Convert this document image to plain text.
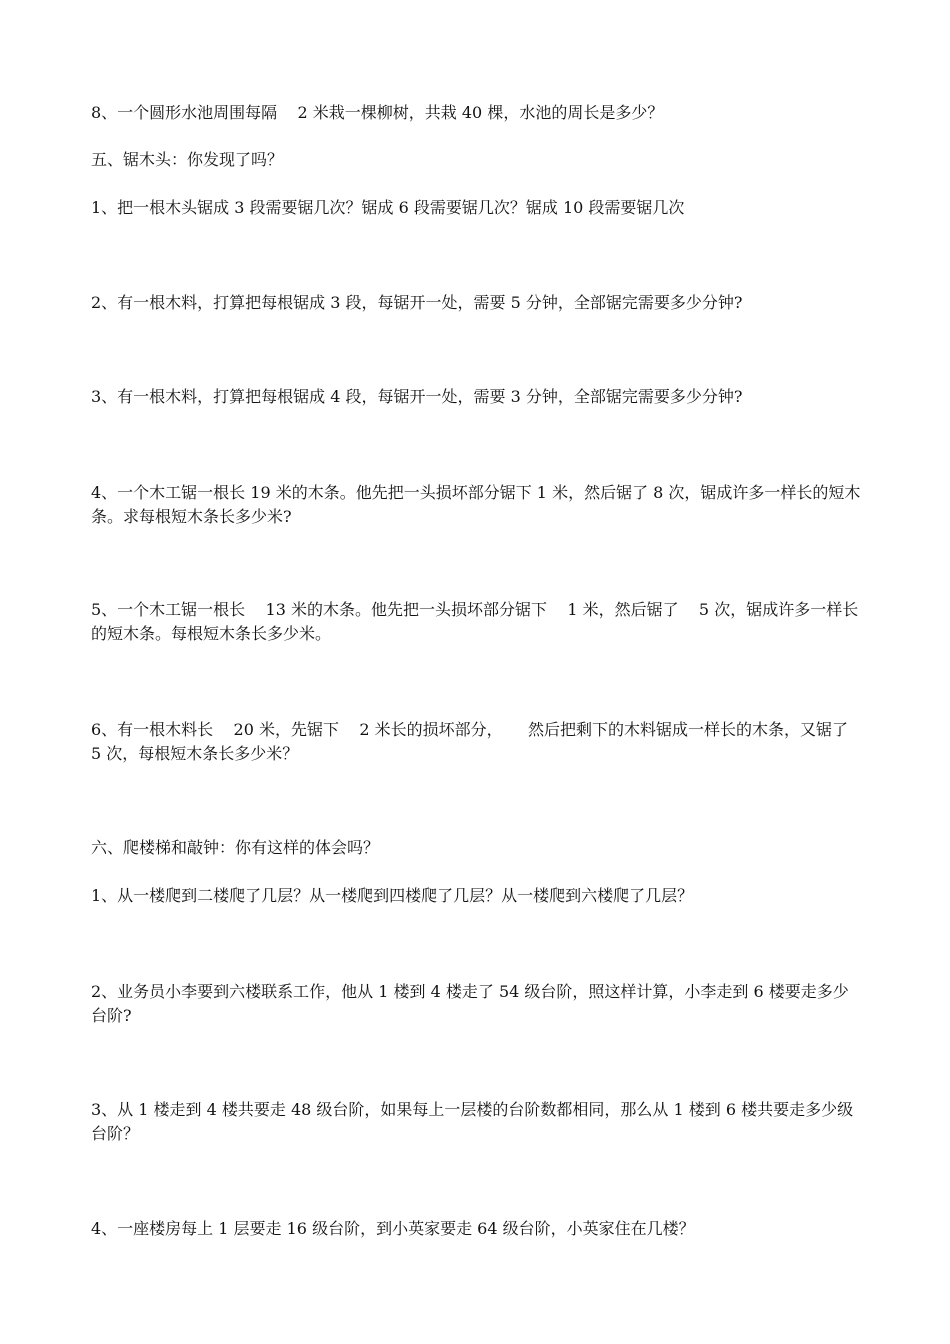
8、一个圆形水池周围每隔    2 米栽一棵柳树，共栽 40 棵，水池的周长是多少？
五、锯木头：你发现了吗？
1、把一根木头锯成 3 段需要锯几次？锯成 6 段需要锯几次？锯成 10 段需要锯几次
2、有一根木料，打算把每根锯成 3 段，每锯开一处，需要 5 分钟，全部锯完需要多少分钟?
3、有一根木料，打算把每根锯成 4 段，每锯开一处，需要 3 分钟，全部锯完需要多少分钟?
4、一个木工锯一根长 19 米的木条。他先把一头损坏部分锯下 1 米，然后锯了 8 次，锯成许多一样长的短木条。求每根短木条长多少米?
5、一个木工锯一根长    13 米的木条。他先把一头损坏部分锯下    1 米，然后锯了    5 次，锯成许多一样长的短木条。每根短木条长多少米。
6、有一根木料长    20 米，先锯下    2 米长的损坏部分，     然后把剩下的木料锯成一样长的木条，又锯了    5 次，每根短木条长多少米？
六、爬楼梯和敲钟：你有这样的体会吗？
1、从一楼爬到二楼爬了几层？从一楼爬到四楼爬了几层？从一楼爬到六楼爬了几层？
2、业务员小李要到六楼联系工作，他从 1 楼到 4 楼走了 54 级台阶，照这样计算，小李走到 6 楼要走多少台阶?
3、从 1 楼走到 4 楼共要走 48 级台阶，如果每上一层楼的台阶数都相同，那么从 1 楼到 6 楼共要走多少级台阶？
4、一座楼房每上 1 层要走 16 级台阶，到小英家要走 64 级台阶，小英家住在几楼？
